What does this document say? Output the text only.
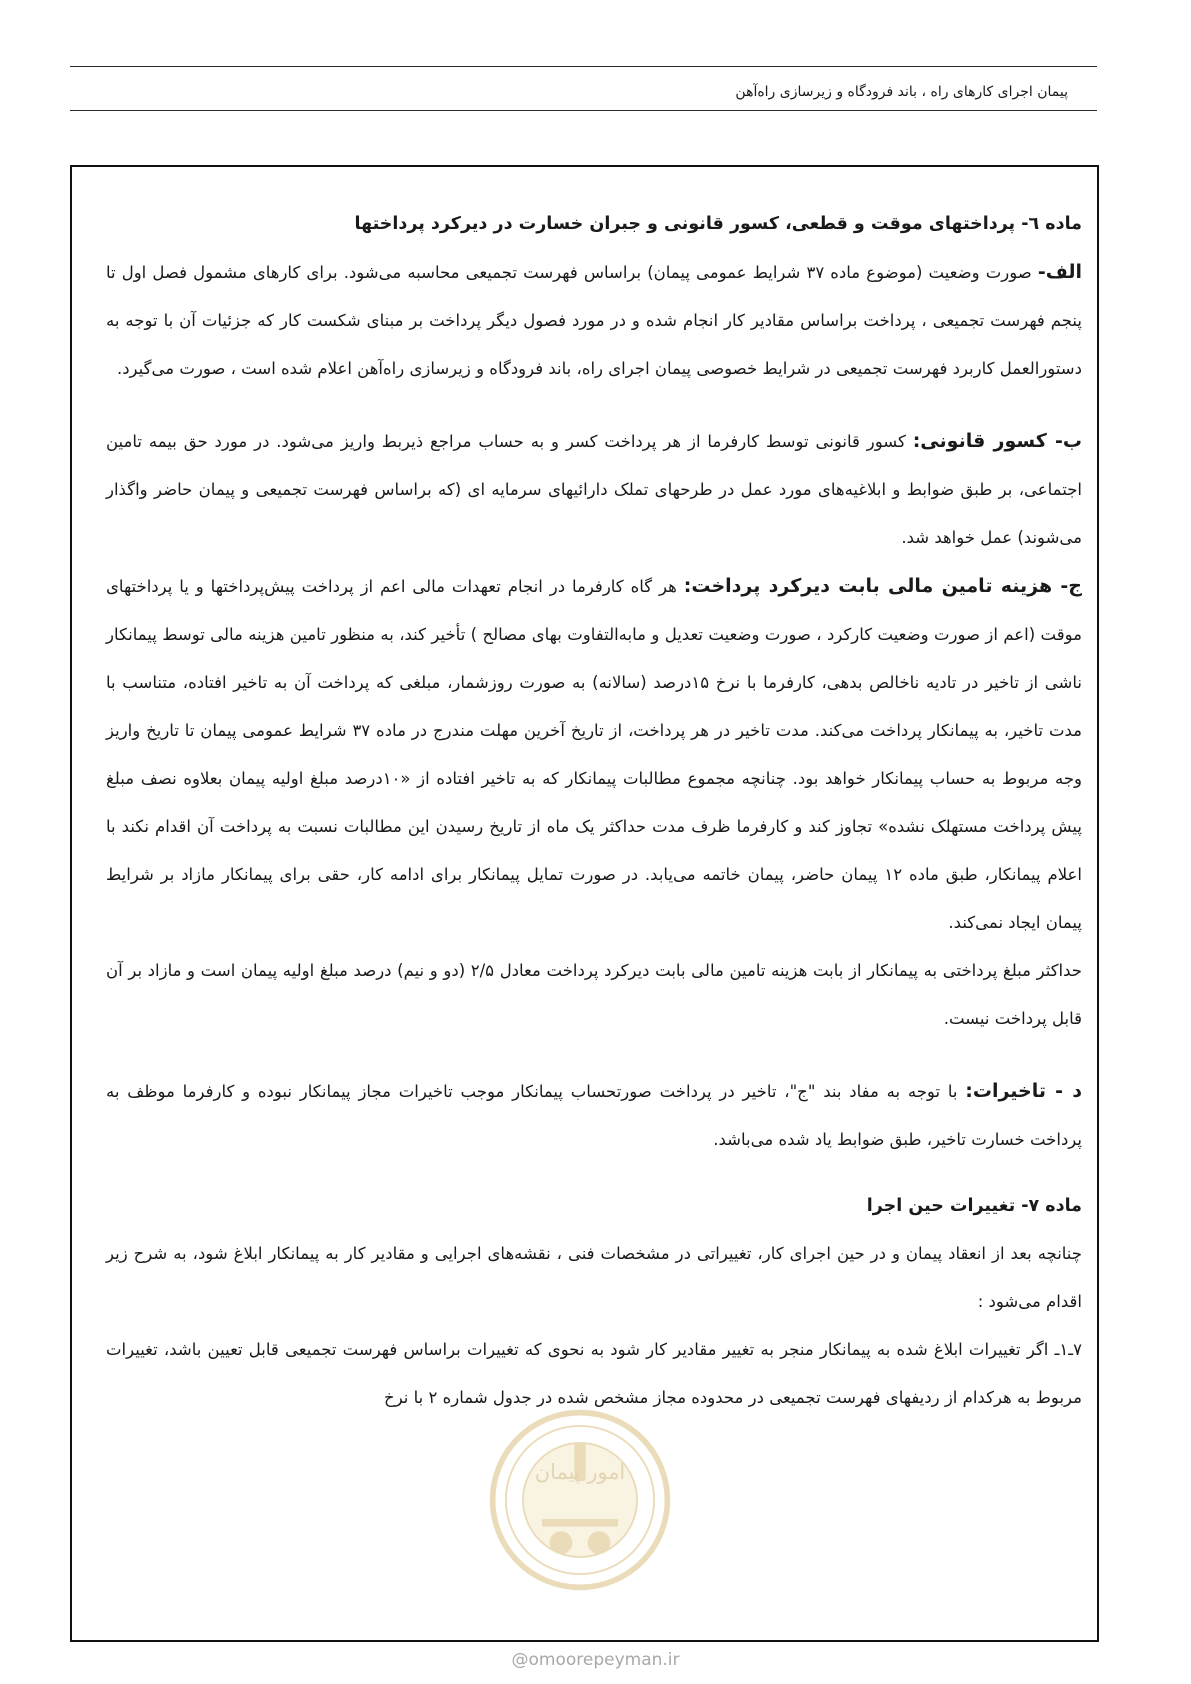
پیمان اجرای کارهای راه ، باند فرودگاه و زیرسازی راه‌آهن

ماده ٦- پرداختهای موقت و قطعی، کسور قانونی و جبران خسارت در دیرکرد پرداختها

الف- صورت وضعیت (موضوع ماده ۳۷ شرایط عمومی پیمان) براساس فهرست تجمیعی محاسبه می‌شود. برای کارهای مشمول فصل اول تا پنجم فهرست تجمیعی ، پرداخت براساس مقادیر کار انجام شده و در مورد فصول دیگر پرداخت بر مبنای شکست کار که جزئیات آن با توجه به دستورالعمل کاربرد فهرست تجمیعی در شرایط خصوصی پیمان اجرای راه، باند فرودگاه و زیرسازی راه‌آهن اعلام شده است ، صورت می‌گیرد.

ب- کسور قانونی: کسور قانونی توسط کارفرما از هر پرداخت کسر و به حساب مراجع ذیربط واریز می‌شود. در مورد حق بیمه تامین اجتماعی، بر طبق ضوابط و ابلاغیه‌های مورد عمل در طرحهای تملک دارائیهای سرمایه ای (که براساس فهرست تجمیعی و پیمان حاضر واگذار می‌شوند) عمل خواهد شد.

ج- هزینه تامین مالی بابت دیرکرد پرداخت: هر گاه کارفرما در انجام تعهدات مالی اعم از پرداخت پیش‌پرداختها و یا پرداختهای موقت (اعم از صورت وضعیت کارکرد ، صورت وضعیت تعدیل و مابه‌التفاوت بهای مصالح ) تأخیر کند، به منظور تامین هزینه مالی توسط پیمانکار ناشی از تاخیر در تادیه ناخالص بدهی، کارفرما با نرخ ۱۵درصد (سالانه) به صورت روزشمار، مبلغی که پرداخت آن به تاخیر افتاده، متناسب با مدت تاخیر، به پیمانکار پرداخت می‌کند. مدت تاخیر در هر پرداخت، از تاریخ آخرین مهلت مندرج در ماده ۳۷ شرایط عمومی پیمان تا تاریخ واریز وجه مربوط به حساب پیمانکار خواهد بود. چنانچه مجموع مطالبات پیمانکار که به تاخیر افتاده از «۱۰درصد مبلغ اولیه پیمان بعلاوه نصف مبلغ پیش پرداخت مستهلک نشده» تجاوز کند و کارفرما ظرف مدت حداکثر یک ماه از تاریخ رسیدن این مطالبات نسبت به پرداخت آن اقدام نکند با اعلام پیمانکار، طبق ماده ۱۲ پیمان حاضر، پیمان خاتمه می‌یابد. در صورت تمایل پیمانکار برای ادامه کار، حقی برای پیمانکار مازاد بر شرایط پیمان ایجاد نمی‌کند.

حداکثر مبلغ پرداختی به پیمانکار از بابت هزینه تامین مالی بابت دیرکرد پرداخت معادل ۲/۵ (دو و نیم) درصد مبلغ اولیه پیمان است و مازاد بر آن قابل پرداخت نیست.

د - تاخیرات: با توجه به مفاد بند "ج"، تاخیر در پرداخت صورتحساب پیمانکار موجب تاخیرات مجاز پیمانکار نبوده و کارفرما موظف به پرداخت خسارت تاخیر، طبق ضوابط یاد شده می‌باشد.

ماده ۷- تغییرات حین اجرا

چنانچه بعد از انعقاد پیمان و در حین اجرای کار، تغییراتی در مشخصات فنی ، نقشه‌های اجرایی و مقادیر کار به پیمانکار ابلاغ شود، به شرح زیر اقدام می‌شود :

۷ـ۱ـ اگر تغییرات ابلاغ شده به پیمانکار منجر به تغییر مقادیر کار شود به نحوی که تغییرات براساس فهرست تجمیعی قابل تعیین باشد، تغییرات مربوط به هرکدام از ردیفهای فهرست تجمیعی در محدوده مجاز مشخص شده در جدول شماره ۲ با نرخ

امور پیمان
@omoorepeyman.ir
